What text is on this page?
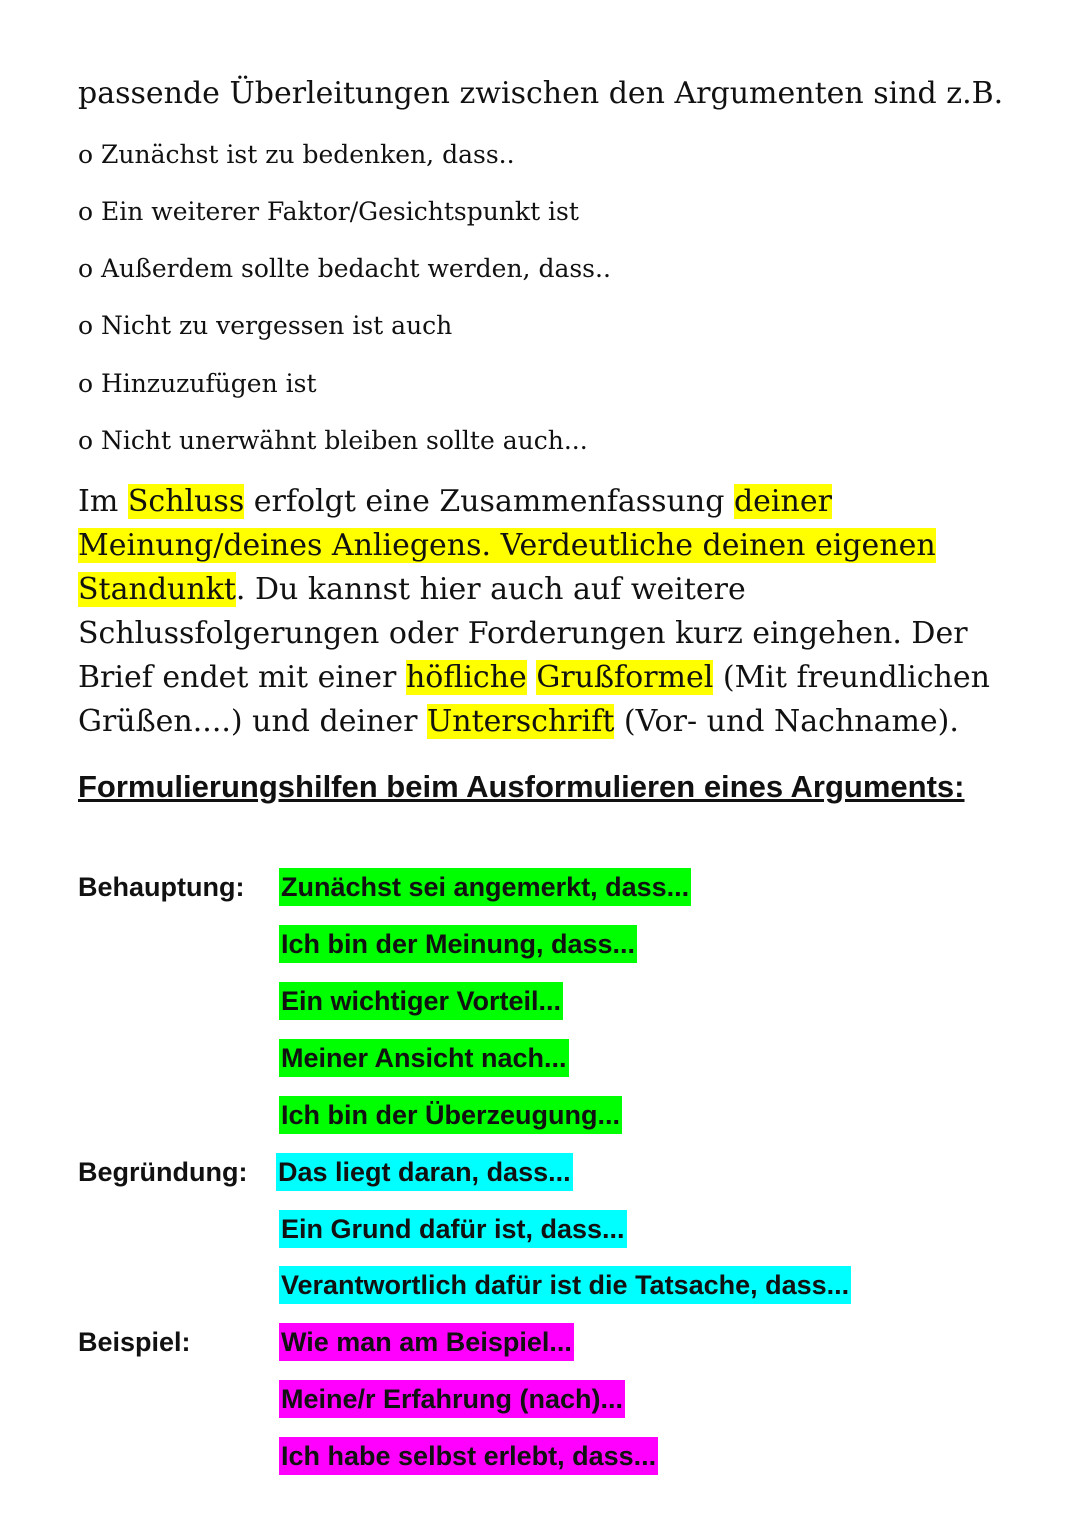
passende Überleitungen zwischen den Argumenten sind z.B.
o Zunächst ist zu bedenken, dass..
o Ein weiterer Faktor/Gesichtspunkt ist
o Außerdem sollte bedacht werden, dass..
o Nicht zu vergessen ist auch
o Hinzuzufügen ist
o Nicht unerwähnt bleiben sollte auch...

Im Schluss erfolgt eine Zusammenfassung deiner Meinung/deines Anliegens. Verdeutliche deinen eigenen Standunkt. Du kannst hier auch auf weitere Schlussfolgerungen oder Forderungen kurz eingehen. Der Brief endet mit einer höfliche Grußformel (Mit freundlichen Grüßen....) und deiner Unterschrift (Vor- und Nachname).

Formulierungshilfen beim Ausformulieren eines Arguments:
Behauptung: Zunächst sei angemerkt, dass...
Ich bin der Meinung, dass...
Ein wichtiger Vorteil...
Meiner Ansicht nach...
Ich bin der Überzeugung...
Begründung: Das liegt daran, dass...
Ein Grund dafür ist, dass...
Verantwortlich dafür ist die Tatsache, dass...
Beispiel:	Wie man am Beispiel...
Meine/r Erfahrung (nach)...
Ich habe selbst erlebt, dass...
